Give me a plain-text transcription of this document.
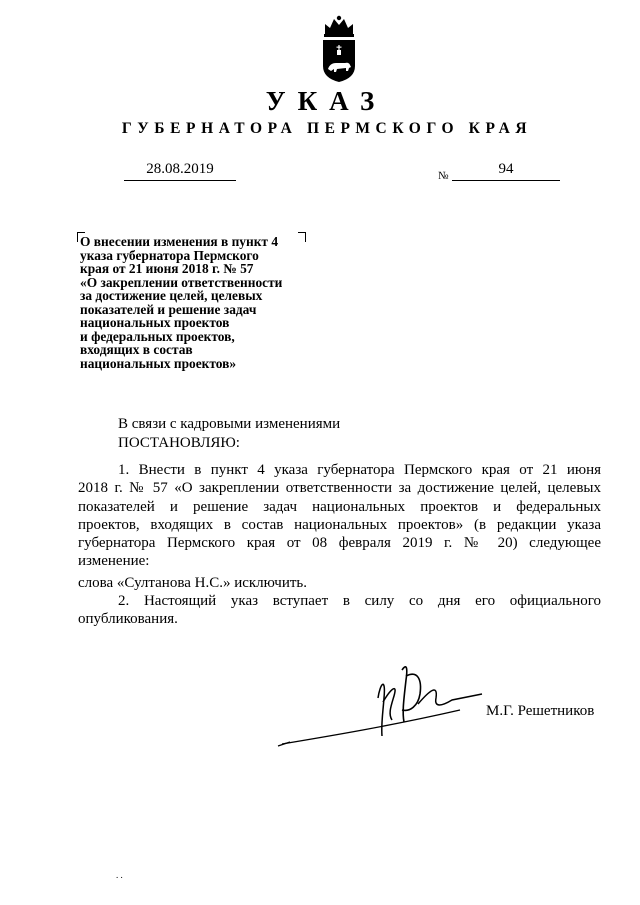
УКАЗ
ГУБЕРНАТОРА ПЕРМСКОГО КРАЯ
28.08.2019	№	94
О внесении изменения в пункт 4
указа губернатора Пермского
края от 21 июня 2018 г. № 57
«О закреплении ответственности
за достижение целей, целевых
показателей и решение задач
национальных проектов
и федеральных проектов,
входящих в состав
национальных проектов»
В связи с кадровыми изменениями
ПОСТАНОВЛЯЮ:
1. Внести в пункт 4 указа губернатора Пермского края от 21 июня
2018 г. № 57 «О закреплении ответственности за достижение целей, целевых
показателей и решение задач национальных проектов и федеральных
проектов, входящих в состав национальных проектов» (в редакции указа
губернатора Пермского края от 08 февраля 2019 г. № 20) следующее
изменение:
слова «Султанова Н.С.» исключить.
2. Настоящий указ вступает в силу со дня его официального
опубликования.
М.Г. Решетников
. .
